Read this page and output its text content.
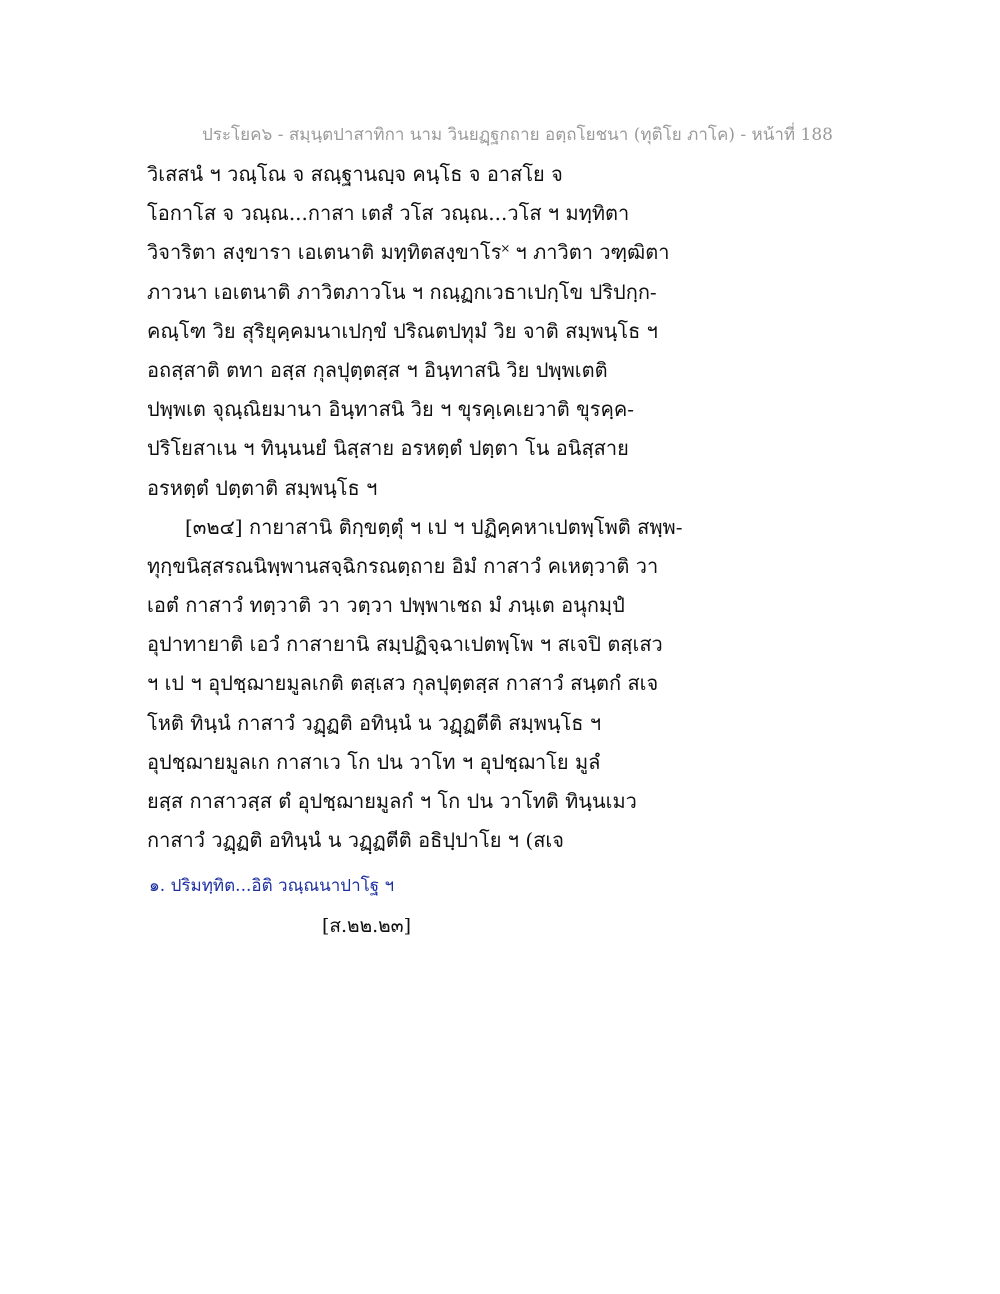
ประโยค๖ - สมฺนฺตปาสาทิกา นาม วินยฏฺฐกถาย อตฺถโยชนา (ทุติโย ภาโค) - หน้าที่ 188
วิเสสนํ ฯ วณฺโณ จ สณฺฐานญฺจ คนฺโธ จ อาสโย จ
โอกาโส จ วณฺณ...กาสา เตสํ วโส วณฺณ...วโส ฯ มทฺทิตา
วิจาริตา สงฺขารา เอเตนาติ มทฺทิตสงฺขาโร˟ ฯ ภาวิตา วฑฺฒิตา
ภาวนา เอเตนาติ ภาวิตภาวโน ฯ กณฺฏกเวธาเปกฺโข ปริปกฺก-
คณฺโฑ วิย สุริยุคฺคมนาเปกฺขํ ปริณตปทุมํ วิย จาติ สมฺพนฺโธ ฯ
อถสฺสาติ ตทา อสฺส กุลปุตฺตสฺส ฯ อินฺทาสนิ วิย ปพฺพเตติ
ปพฺพเต จุณฺณิยมานา อินฺทาสนิ วิย ฯ ขุรคฺเคเยวาติ ขุรคฺค-
ปริโยสาเน ฯ ทินฺนนยํ นิสฺสาย อรหตฺตํ ปตฺตา โน อนิสฺสาย
อรหตฺตํ ปตฺตาติ สมฺพนฺโธ ฯ
[๓๒๔] กายาสานิ ติกฺขตฺตุํ ฯ เป ฯ ปฏิคฺคหาเปตพฺโพติ สพฺพ-
ทุกฺขนิสฺสรณนิพฺพานสจฺฉิกรณตฺถาย อิมํ กาสาวํ คเหตฺวาติ วา
เอตํ กาสาวํ ทตฺวาติ วา วตฺวา ปพฺพาเชถ มํ ภนฺเต อนุกมฺปํ
อุปาทายาติ เอวํ กาสายานิ สมฺปฏิจฺฉาเปตพฺโพ ฯ สเจปิ ตสฺเสว
ฯ เป ฯ อุปชฺฌายมูลเกติ ตสฺเสว กุลปุตฺตสฺส กาสาวํ สนฺตกํ สเจ
โหติ ทินฺนํ กาสาวํ วฏฺฏติ อทินฺนํ น วฏฺฏตีติ สมฺพนฺโธ ฯ
อุปชฺฌายมูลเก กาสาเว โก ปน วาโท ฯ อุปชฺฌาโย มูลํ
ยสฺส กาสาวสฺส ตํ อุปชฺฌายมูลกํ ฯ โก ปน วาโทติ ทินฺนเมว
กาสาวํ วฏฺฏติ อทินฺนํ น วฏฺฏตีติ อธิปฺปาโย ฯ (สเจ
๑. ปริมทฺทิต...อิติ วณฺณนาปาโฐ ฯ
[ส.๒๒.๒๓]
